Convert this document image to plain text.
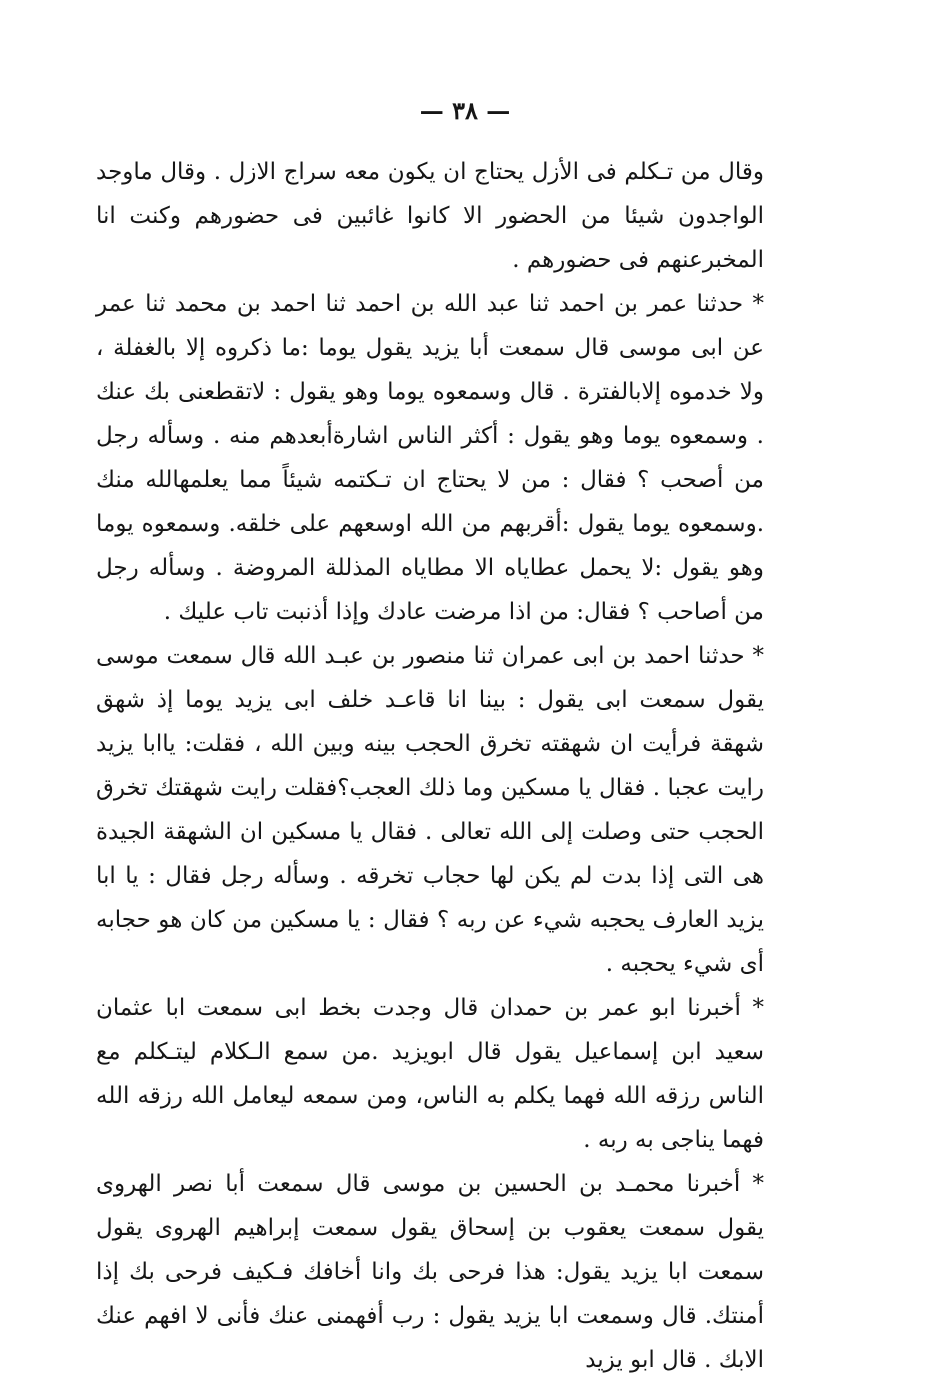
— ٣٨ —

وقال من تـكلم فى الأزل يحتاج ان يكون معه سراج الازل . وقال ماوجد الواجدون شيئا من الحضور الا كانوا غائبين فى حضورهم وكنت انا المخبرعنهم فى حضورهم .

* حدثنا عمر بن احمد ثنا عبد الله بن احمد ثنا احمد بن محمد ثنا عمر عن ابى موسى قال سمعت أبا يزيد يقول يوما :ما ذكروه إلا بالغفلة ، ولا خدموه إلابالفترة . قال وسمعوه يوما وهو يقول : لاتقطعنى بك عنك . وسمعوه يوما وهو يقول : أكثر الناس اشارةأبعدهم منه . وسأله رجل من أصحب ؟ فقال : من لا يحتاج ان تـكتمه شيئاً مما يعلمهالله منك .وسمعوه يوما يقول :أقربهم من الله اوسعهم على خلقه. وسمعوه يوما وهو يقول :لا يحمل عطاياه الا مطاياه المذللة المروضة . وسأله رجل من أصاحب ؟ فقال: من اذا مرضت عادك وإذا أذنبت تاب عليك .

* حدثنا احمد بن ابى عمران ثنا منصور بن عبـد الله قال سمعت موسى يقول سمعت ابى يقول : بينا انا قاعـد خلف ابى يزيد يوما إذ شهق شهقة فرأيت ان شهقته تخرق الحجب بينه وبين الله ، فقلت: ياابا يزيد رايت عجبا . فقال يا مسكين وما ذلك العجب؟فقلت رايت شهقتك تخرق الحجب حتى وصلت إلى الله تعالى . فقال يا مسكين ان الشهقة الجيدة هى التى إذا بدت لم يكن لها حجاب تخرقه . وسأله رجل فقال : يا ابا يزيد العارف يحجبه شيء عن ربه ؟ فقال : يا مسكين من كان هو حجابه أى شيء يحجبه .

* أخبرنا ابو عمر بن حمدان قال وجدت بخط ابى سمعت ابا عثمان سعيد ابن إسماعيل يقول قال ابويزيد .من سمع الـكلام ليتـكلم مع الناس رزقه الله فهما يكلم به الناس، ومن سمعه ليعامل الله رزقه الله فهما يناجى به ربه .

* أخبرنا محمـد بن الحسين بن موسى قال سمعت أبا نصر الهروى يقول سمعت يعقوب بن إسحاق يقول سمعت إبراهيم الهروى يقول سمعت ابا يزيد يقول: هذا فرحى بك وانا أخافك فـكيف فرحى بك إذا أمنتك. قال وسمعت ابا يزيد يقول : رب أفهمنى عنك فأنى لا افهم عنك الابك . قال ابو يزيد
